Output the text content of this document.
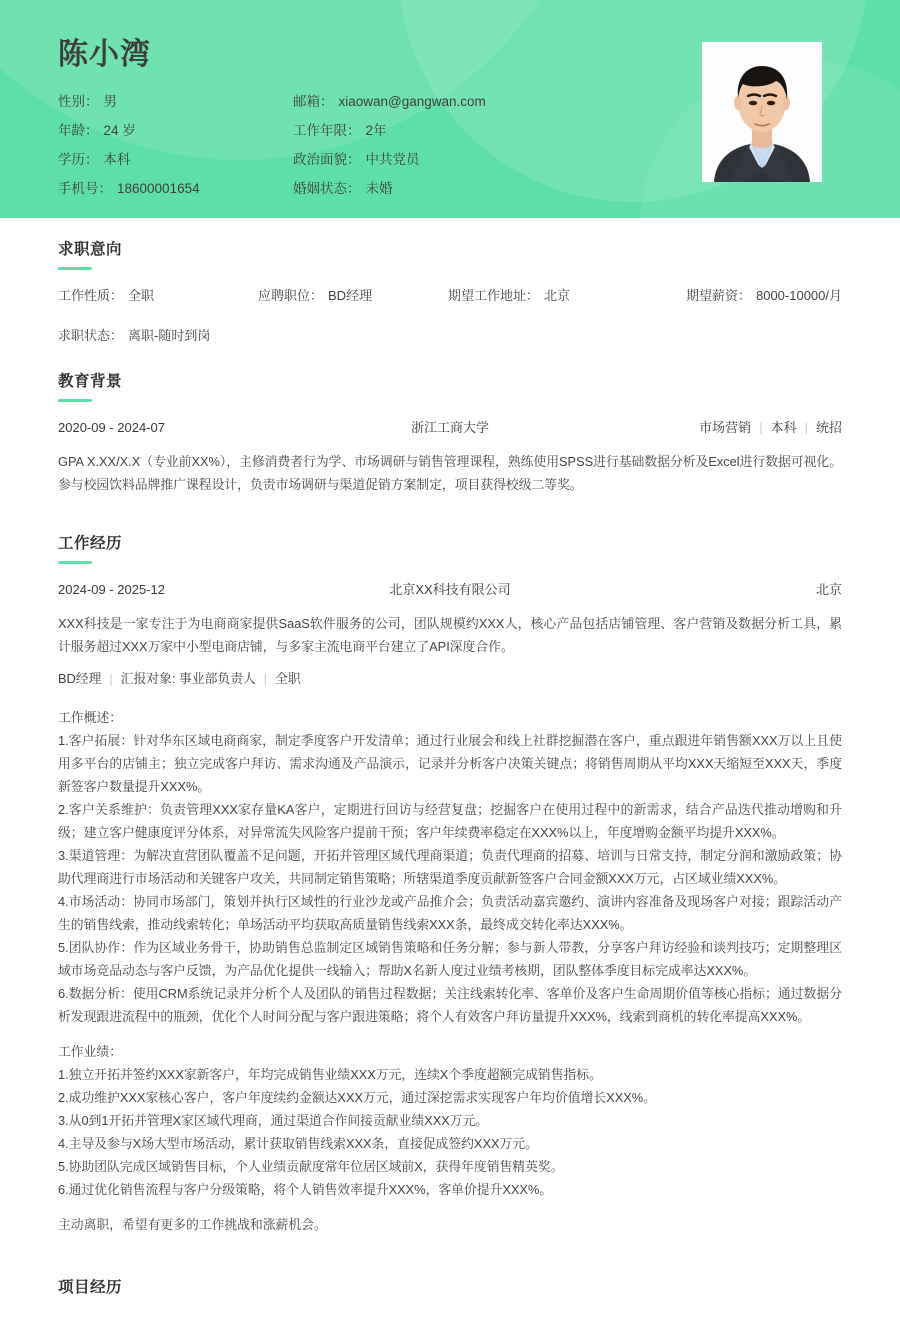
陈小湾
性别： 男	邮箱： xiaowan@gangwan.com
年龄： 24 岁	工作年限： 2年
学历： 本科	政治面貌： 中共党员
手机号： 18600001654	婚姻状态： 未婚
求职意向
工作性质： 全职	应聘职位： BD经理	期望工作地址： 北京	期望薪资： 8000-10000/月
求职状态： 离职-随时到岗
教育背景
2020-09 - 2024-07	浙江工商大学	市场营销 | 本科 | 统招

GPA X.XX/X.X（专业前XX%），主修消费者行为学、市场调研与销售管理课程，熟练使用SPSS进行基础数据分析及Excel进行数据可视化。参与校园饮料品牌推广课程设计，负责市场调研与渠道促销方案制定，项目获得校级二等奖。

工作经历
2024-09 - 2025-12	北京XX科技有限公司	北京

XXX科技是一家专注于为电商商家提供SaaS软件服务的公司，团队规模约XXX人，核心产品包括店铺管理、客户营销及数据分析工具，累计服务超过XXX万家中小型电商店铺，与多家主流电商平台建立了API深度合作。

BD经理 | 汇报对象: 事业部负责人 | 全职
工作概述：
1.客户拓展：针对华东区域电商商家，制定季度客户开发清单；通过行业展会和线上社群挖掘潜在客户，重点跟进年销售额XXX万以上且使用多平台的店铺主；独立完成客户拜访、需求沟通及产品演示，记录并分析客户决策关键点；将销售周期从平均XXX天缩短至XXX天，季度新签客户数量提升XXX%。
2.客户关系维护：负责管理XXX家存量KA客户，定期进行回访与经营复盘；挖掘客户在使用过程中的新需求，结合产品迭代推动增购和升级；建立客户健康度评分体系，对异常流失风险客户提前干预；客户年续费率稳定在XXX%以上，年度增购金额平均提升XXX%。
3.渠道管理：为解决直营团队覆盖不足问题，开拓并管理区域代理商渠道；负责代理商的招募、培训与日常支持，制定分润和激励政策；协助代理商进行市场活动和关键客户攻关，共同制定销售策略；所辖渠道季度贡献新签客户合同金额XXX万元，占区域业绩XXX%。
4.市场活动：协同市场部门，策划并执行区域性的行业沙龙或产品推介会；负责活动嘉宾邀约、演讲内容准备及现场客户对接；跟踪活动产生的销售线索，推动线索转化；单场活动平均获取高质量销售线索XXX条，最终成交转化率达XXX%。
5.团队协作：作为区域业务骨干，协助销售总监制定区域销售策略和任务分解；参与新人带教，分享客户拜访经验和谈判技巧；定期整理区域市场竞品动态与客户反馈，为产品优化提供一线输入；帮助X名新人度过业绩考核期，团队整体季度目标完成率达XXX%。
6.数据分析：使用CRM系统记录并分析个人及团队的销售过程数据；关注线索转化率、客单价及客户生命周期价值等核心指标；通过数据分析发现跟进流程中的瓶颈，优化个人时间分配与客户跟进策略；将个人有效客户拜访量提升XXX%，线索到商机的转化率提高XXX%。
工作业绩：
1.独立开拓并签约XXX家新客户，年均完成销售业绩XXX万元，连续X个季度超额完成销售指标。
2.成功维护XXX家核心客户，客户年度续约金额达XXX万元，通过深挖需求实现客户年均价值增长XXX%。
3.从0到1开拓并管理X家区域代理商，通过渠道合作间接贡献业绩XXX万元。
4.主导及参与X场大型市场活动，累计获取销售线索XXX条，直接促成签约XXX万元。
5.协助团队完成区域销售目标，个人业绩贡献度常年位居区域前X，获得年度销售精英奖。
6.通过优化销售流程与客户分级策略，将个人销售效率提升XXX%，客单价提升XXX%。
主动离职，希望有更多的工作挑战和涨薪机会。
项目经历
